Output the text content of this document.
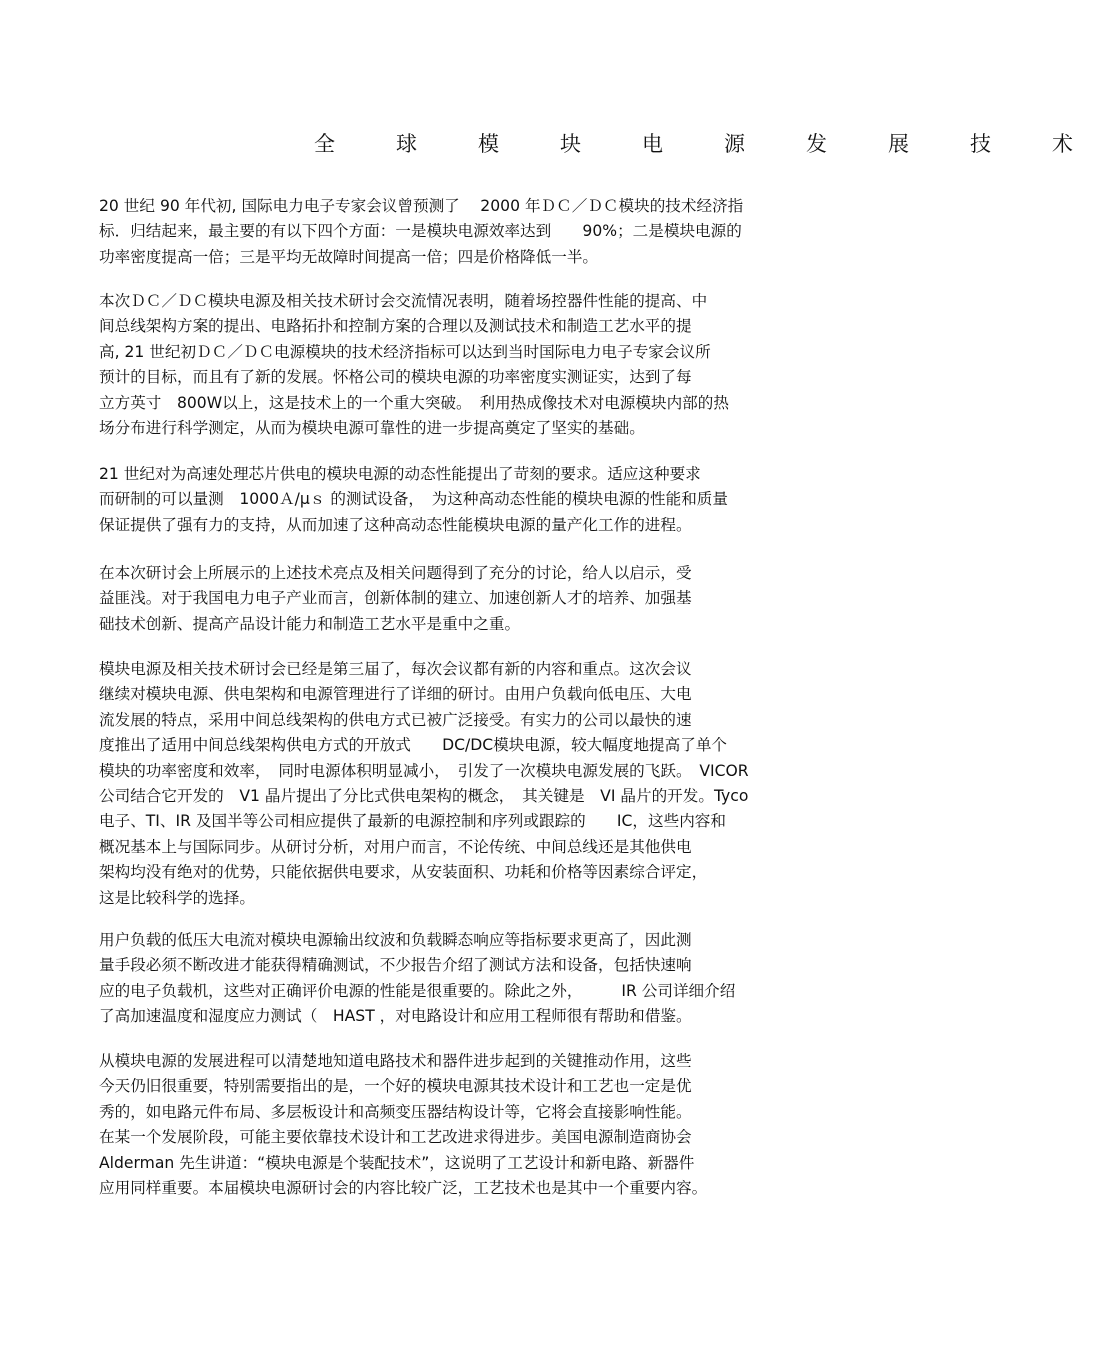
全　球　模　块　电　源　发　展　技　术
20 世纪 90 年代初, 国际电力电子专家会议曾预测了　 2000 年ＤＣ／ＤＣ模块的技术经济指
标．归结起来，最主要的有以下四个方面：一是模块电源效率达到　　90%；二是模块电源的
功率密度提高一倍；三是平均无故障时间提高一倍；四是价格降低一半。
本次ＤＣ／ＤＣ模块电源及相关技术研讨会交流情况表明，随着场控器件性能的提高、中
间总线架构方案的提出、电路拓扑和控制方案的合理以及测试技术和制造工艺水平的提
高, 21 世纪初ＤＣ／ＤＣ电源模块的技术经济指标可以达到当时国际电力电子专家会议所
预计的目标，而且有了新的发展。怀格公司的模块电源的功率密度实测证实，达到了每
立方英寸　800W以上，这是技术上的一个重大突破。　利用热成像技术对电源模块内部的热
场分布进行科学测定，从而为模块电源可靠性的进一步提高奠定了坚实的基础。
21 世纪对为高速处理芯片供电的模块电源的动态性能提出了苛刻的要求。适应这种要求
而研制的可以量测　1000Ａ/μｓ 的测试设备，　为这种高动态性能的模块电源的性能和质量
保证提供了强有力的支持，从而加速了这种高动态性能模块电源的量产化工作的进程。
在本次研讨会上所展示的上述技术亮点及相关问题得到了充分的讨论，给人以启示，受
益匪浅。对于我国电力电子产业而言，创新体制的建立、加速创新人才的培养、加强基
础技术创新、提高产品设计能力和制造工艺水平是重中之重。
模块电源及相关技术研讨会已经是第三届了，每次会议都有新的内容和重点。这次会议
继续对模块电源、供电架构和电源管理进行了详细的研讨。由用户负载向低电压、大电
流发展的特点，采用中间总线架构的供电方式已被广泛接受。有实力的公司以最快的速
度推出了适用中间总线架构供电方式的开放式　　DC/DC模块电源，较大幅度地提高了单个
模块的功率密度和效率，　同时电源体积明显减小，　引发了一次模块电源发展的飞跃。　VICOR
公司结合它开发的　V1 晶片提出了分比式供电架构的概念，　其关键是　VI 晶片的开发。Tyco
电子、TI、IR 及国半等公司相应提供了最新的电源控制和序列或跟踪的　　IC，这些内容和
概况基本上与国际同步。从研讨分析，对用户而言，不论传统、中间总线还是其他供电
架构均没有绝对的优势，只能依据供电要求，从安装面积、功耗和价格等因素综合评定，
这是比较科学的选择。
用户负载的低压大电流对模块电源输出纹波和负载瞬态响应等指标要求更高了，因此测
量手段必须不断改进才能获得精确测试，不少报告介绍了测试方法和设备，包括快速响
应的电子负载机，这些对正确评价电源的性能是很重要的。除此之外，　　　IR 公司详细介绍
了高加速温度和湿度应力测试（　HAST ，对电路设计和应用工程师很有帮助和借鉴。
从模块电源的发展进程可以清楚地知道电路技术和器件进步起到的关键推动作用，这些
今天仍旧很重要，特别需要指出的是，一个好的模块电源其技术设计和工艺也一定是优
秀的，如电路元件布局、多层板设计和高频变压器结构设计等，它将会直接影响性能。
在某一个发展阶段，可能主要依靠技术设计和工艺改进求得进步。美国电源制造商协会
Alderman 先生讲道：“模块电源是个装配技术”，这说明了工艺设计和新电路、新器件
应用同样重要。本届模块电源研讨会的内容比较广泛，工艺技术也是其中一个重要内容。
